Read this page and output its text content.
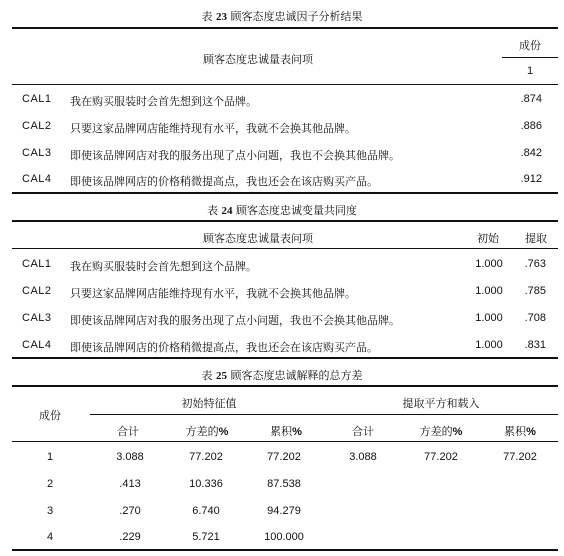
表 23 顾客态度忠诚因子分析结果
顾客态度忠诚量表问项
成份
1
CAL1 我在购买服装时会首先想到这个品牌。	.874
CAL2 只要这家品牌网店能维持现有水平，我就不会换其他品牌。	.886
CAL3 即使该品牌网店对我的服务出现了点小问题，我也不会换其他品牌。	.842
CAL4 即使该品牌网店的价格稍微提高点，我也还会在该店购买产品。	.912
表 24 顾客态度忠诚变量共同度
顾客态度忠诚量表问项	初始 提取
CAL1 我在购买服装时会首先想到这个品牌。	1.000	.763
CAL2 只要这家品牌网店能维持现有水平，我就不会换其他品牌。	1.000	.785
CAL3 即使该品牌网店对我的服务出现了点小问题，我也不会换其他品牌。	1.000	.708
CAL4 即使该品牌网店的价格稍微提高点，我也还会在该店购买产品。	1.000	.831
表 25 顾客态度忠诚解释的总方差
成份
初始特征值	提取平方和载入
合计	方差的%	累积%	合计	方差的%	累积%
1	3.088	77.202	77.202	3.088	77.202	77.202
2	.413	10.336	87.538
3	.270	6.740	94.279
4	.229	5.721	100.000
